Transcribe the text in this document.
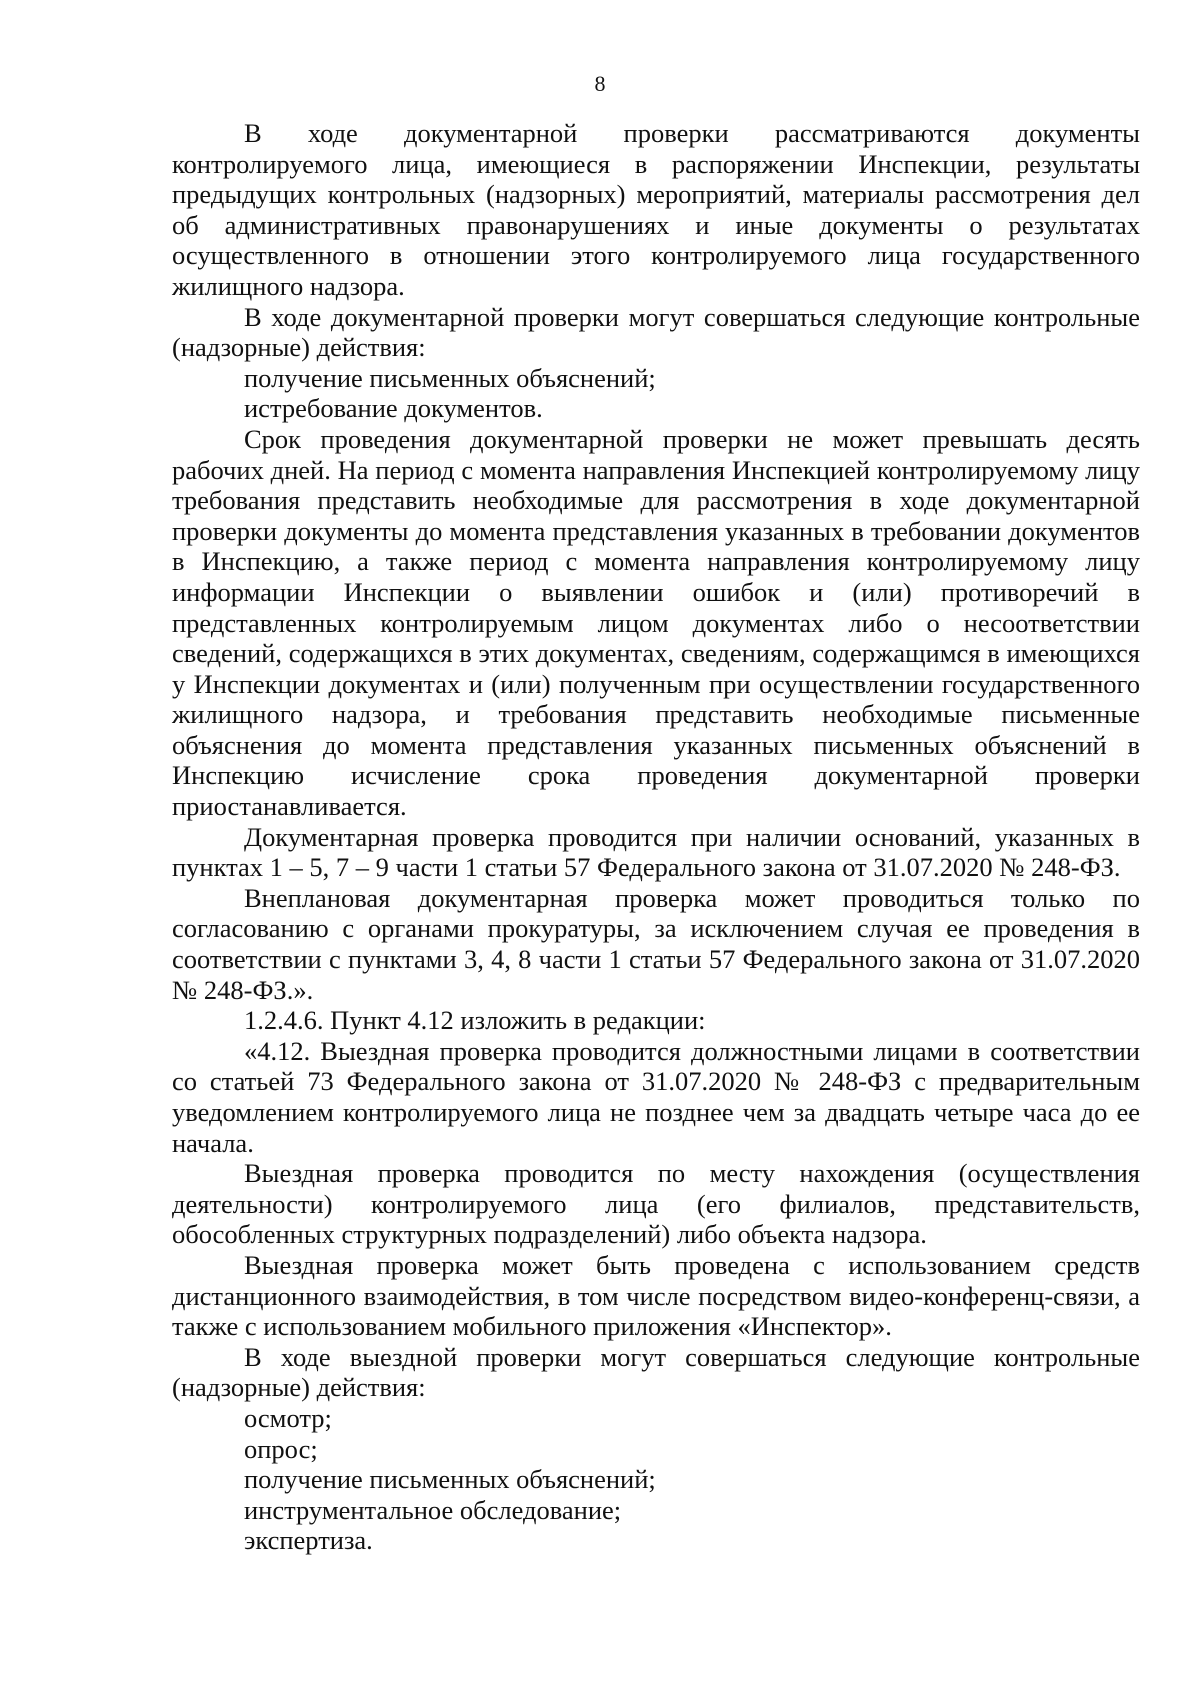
8

В ходе документарной проверки рассматриваются документы контролируемого лица, имеющиеся в распоряжении Инспекции, результаты предыдущих контрольных (надзорных) мероприятий, материалы рассмотрения дел об административных правонарушениях и иные документы о результатах осуществленного в отношении этого контролируемого лица государственного жилищного надзора.

В ходе документарной проверки могут совершаться следующие контрольные (надзорные) действия:

получение письменных объяснений;

истребование документов.

Срок проведения документарной проверки не может превышать десять рабочих дней. На период с момента направления Инспекцией контролируемому лицу требования представить необходимые для рассмотрения в ходе документарной проверки документы до момента представления указанных в требовании документов в Инспекцию, а также период с момента направления контролируемому лицу информации Инспекции о выявлении ошибок и (или) противоречий в представленных контролируемым лицом документах либо о несоответствии сведений, содержащихся в этих документах, сведениям, содержащимся в имеющихся у Инспекции документах и (или) полученным при осуществлении государственного жилищного надзора, и требования представить необходимые письменные объяснения до момента представления указанных письменных объяснений в Инспекцию исчисление срока проведения документарной проверки приостанавливается.

Документарная проверка проводится при наличии оснований, указанных в пунктах 1 – 5, 7 – 9 части 1 статьи 57 Федерального закона от 31.07.2020 № 248-ФЗ.

Внеплановая документарная проверка может проводиться только по согласованию с органами прокуратуры, за исключением случая ее проведения в соответствии с пунктами 3, 4, 8 части 1 статьи 57 Федерального закона от 31.07.2020 № 248-ФЗ.».

1.2.4.6. Пункт 4.12 изложить в редакции:

«4.12. Выездная проверка проводится должностными лицами в соответствии со статьей 73 Федерального закона от 31.07.2020 № 248-ФЗ с предварительным уведомлением контролируемого лица не позднее чем за двадцать четыре часа до ее начала.

Выездная проверка проводится по месту нахождения (осуществления деятельности) контролируемого лица (его филиалов, представительств, обособленных структурных подразделений) либо объекта надзора.

Выездная проверка может быть проведена с использованием средств дистанционного взаимодействия, в том числе посредством видео-конференц-связи, а также с использованием мобильного приложения «Инспектор».

В ходе выездной проверки могут совершаться следующие контрольные (надзорные) действия:

осмотр;

опрос;

получение письменных объяснений;

инструментальное обследование;

экспертиза.
